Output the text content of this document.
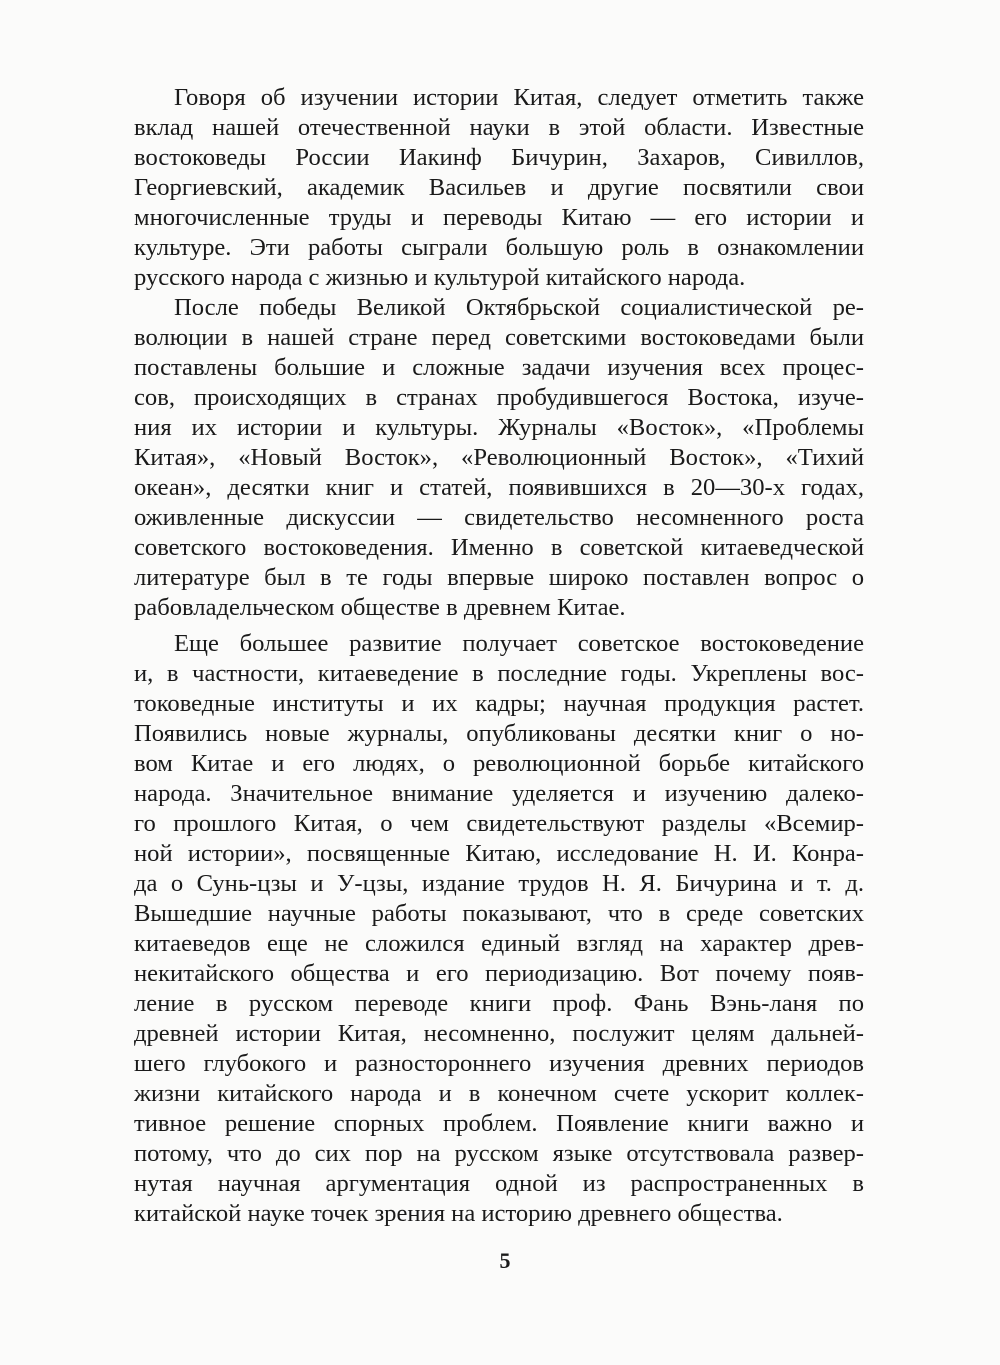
Говоря об изучении истории Китая, следует отметить также
вклад нашей отечественной науки в этой области. Известные
востоковеды России Иакинф Бичурин, Захаров, Сивиллов,
Георгиевский, академик Васильев и другие посвятили свои
многочисленные труды и переводы Китаю — его истории и
культуре. Эти работы сыграли большую роль в ознакомлении
русского народа с жизнью и культурой китайского народа.
После победы Великой Октябрьской социалистической ре-
волюции в нашей стране перед советскими востоковедами были
поставлены большие и сложные задачи изучения всех процес-
сов, происходящих в странах пробудившегося Востока, изуче-
ния их истории и культуры. Журналы «Восток», «Проблемы
Китая», «Новый Восток», «Революционный Восток», «Тихий
океан», десятки книг и статей, появившихся в 20—30-х годах,
оживленные дискуссии — свидетельство несомненного роста
советского востоковедения. Именно в советской китаеведческой
литературе был в те годы впервые широко поставлен вопрос о
рабовладельческом обществе в древнем Китае.
Еще большее развитие получает советское востоковедение
и, в частности, китаеведение в последние годы. Укреплены вос-
токоведные институты и их кадры; научная продукция растет.
Появились новые журналы, опубликованы десятки книг о но-
вом Китае и его людях, о революционной борьбе китайского
народа. Значительное внимание уделяется и изучению далеко-
го прошлого Китая, о чем свидетельствуют разделы «Всемир-
ной истории», посвященные Китаю, исследование Н. И. Конра-
да о Сунь-цзы и У-цзы, издание трудов Н. Я. Бичурина и т. д.
Вышедшие научные работы показывают, что в среде советских
китаеведов еще не сложился единый взгляд на характер древ-
некитайского общества и его периодизацию. Вот почему появ-
ление в русском переводе книги проф. Фань Вэнь-ланя по
древней истории Китая, несомненно, послужит целям дальней-
шего глубокого и разностороннего изучения древних периодов
жизни китайского народа и в конечном счете ускорит коллек-
тивное решение спорных проблем. Появление книги важно и
потому, что до сих пор на русском языке отсутствовала развер-
нутая научная аргументация одной из распространенных в
китайской науке точек зрения на историю древнего общества.
5
